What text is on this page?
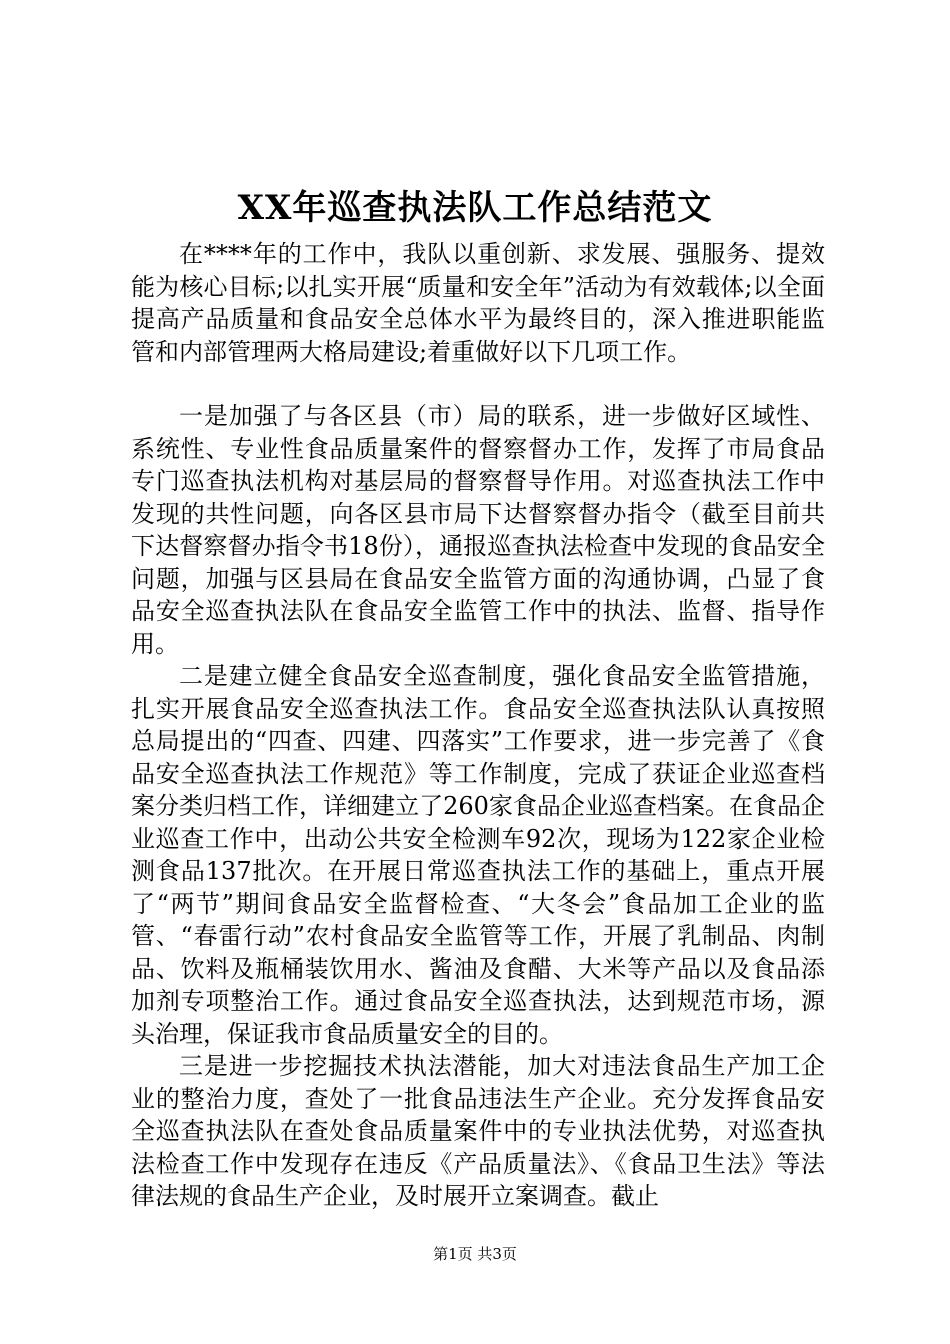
XX年巡查执法队工作总结范文

在****年的工作中，我队以重创新、求发展、强服务、提效能为核心目标;以扎实开展“质量和安全年”活动为有效载体;以全面提高产品质量和食品安全总体水平为最终目的，深入推进职能监管和内部管理两大格局建设;着重做好以下几项工作。

一是加强了与各区县（市）局的联系，进一步做好区域性、系统性、专业性食品质量案件的督察督办工作，发挥了市局食品专门巡查执法机构对基层局的督察督导作用。对巡查执法工作中发现的共性问题，向各区县市局下达督察督办指令（截至目前共下达督察督办指令书18份），通报巡查执法检查中发现的食品安全问题，加强与区县局在食品安全监管方面的沟通协调，凸显了食品安全巡查执法队在食品安全监管工作中的执法、监督、指导作用。

二是建立健全食品安全巡查制度，强化食品安全监管措施，扎实开展食品安全巡查执法工作。食品安全巡查执法队认真按照总局提出的“四查、四建、四落实”工作要求，进一步完善了《食品安全巡查执法工作规范》等工作制度，完成了获证企业巡查档案分类归档工作，详细建立了260家食品企业巡查档案。在食品企业巡查工作中，出动公共安全检测车92次，现场为122家企业检测食品137批次。在开展日常巡查执法工作的基础上，重点开展了“两节”期间食品安全监督检查、“大冬会”食品加工企业的监管、“春雷行动”农村食品安全监管等工作，开展了乳制品、肉制品、饮料及瓶桶装饮用水、酱油及食醋、大米等产品以及食品添加剂专项整治工作。通过食品安全巡查执法，达到规范市场，源头治理，保证我市食品质量安全的目的。

三是进一步挖掘技术执法潜能，加大对违法食品生产加工企业的整治力度，查处了一批食品违法生产企业。充分发挥食品安全巡查执法队在查处食品质量案件中的专业执法优势，对巡查执法检查工作中发现存在违反《产品质量法》、《食品卫生法》等法律法规的食品生产企业，及时展开立案调查。截止

第1页 共3页
